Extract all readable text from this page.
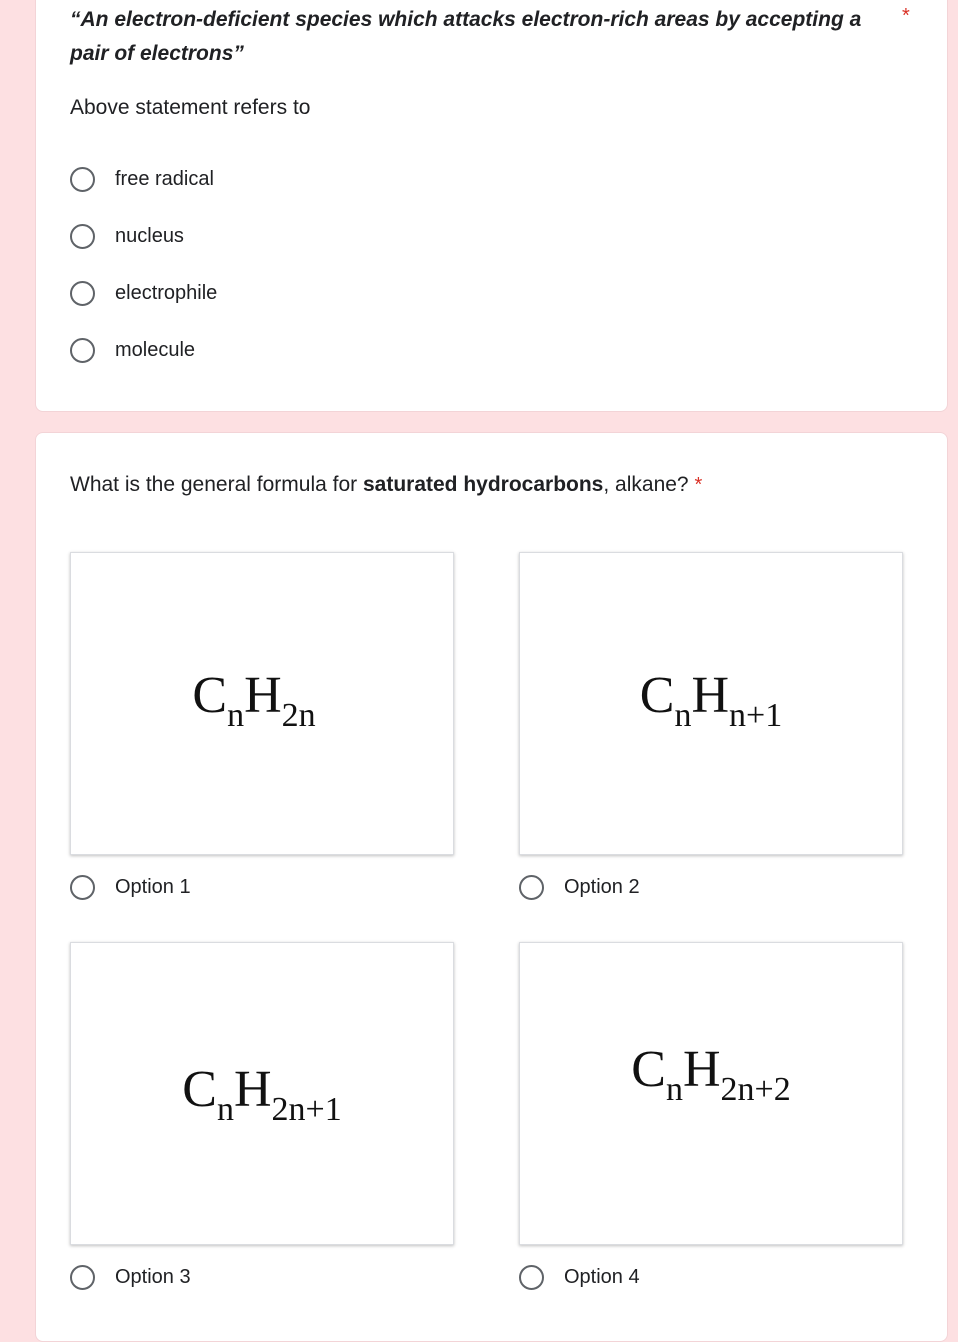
“An electron-deficient species which attacks electron-rich areas by accepting a pair of electrons”
*
Above statement refers to
free radical
nucleus
electrophile
molecule
What is the general formula for saturated hydrocarbons, alkane? *
$C_nH_{2n}$
Option 1
$C_nH_{n+1}$
Option 2
$C_nH_{2n+1}$
Option 3
$C_nH_{2n+2}$
Option 4
